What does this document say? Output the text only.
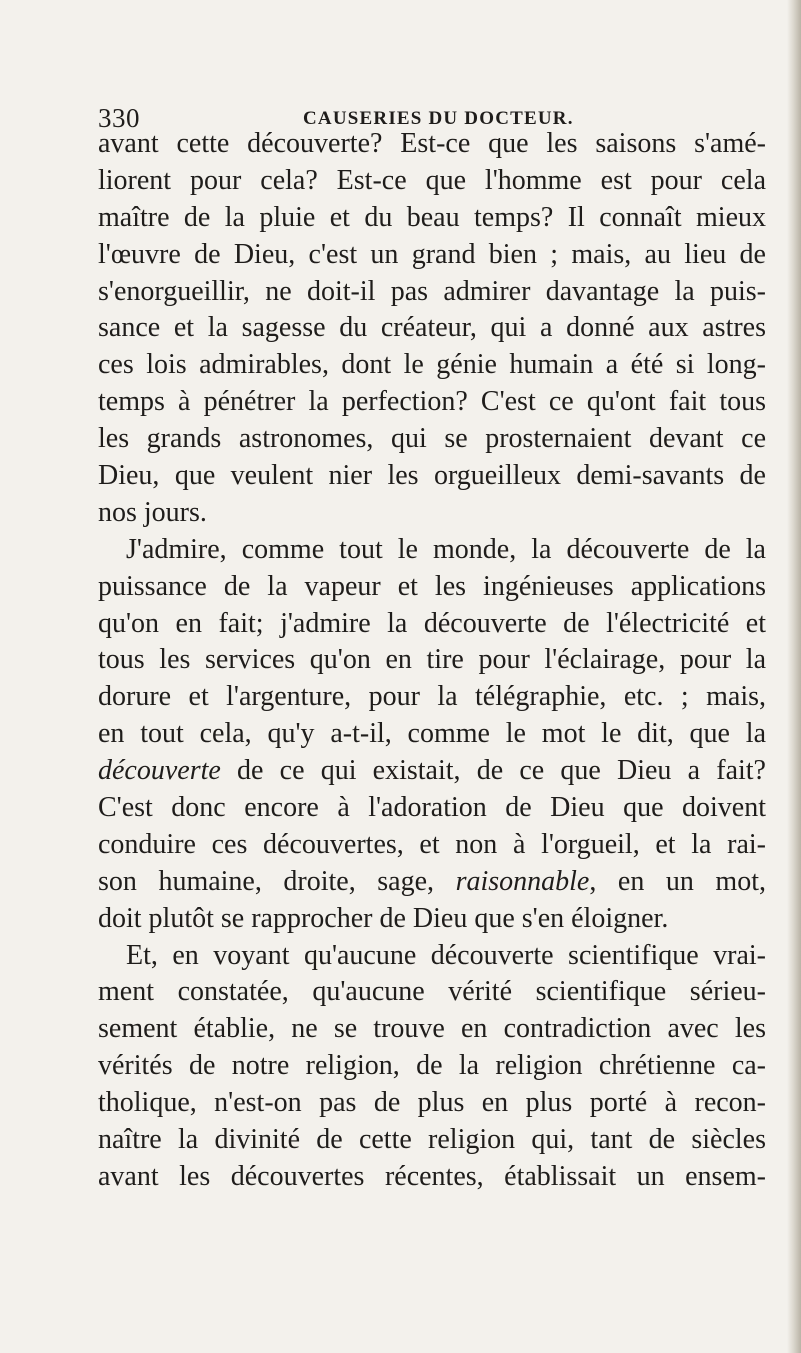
330	CAUSERIES DU DOCTEUR.
avant cette découverte? Est-ce que les saisons s'amé-
liorent pour cela? Est-ce que l'homme est pour cela
maître de la pluie et du beau temps? Il connaît mieux
l'œuvre de Dieu, c'est un grand bien ; mais, au lieu de
s'enorgueillir, ne doit-il pas admirer davantage la puis-
sance et la sagesse du créateur, qui a donné aux astres
ces lois admirables, dont le génie humain a été si long-
temps à pénétrer la perfection? C'est ce qu'ont fait tous
les grands astronomes, qui se prosternaient devant ce
Dieu, que veulent nier les orgueilleux demi-savants de
nos jours.
J'admire, comme tout le monde, la découverte de la
puissance de la vapeur et les ingénieuses applications
qu'on en fait; j'admire la découverte de l'électricité et
tous les services qu'on en tire pour l'éclairage, pour la
dorure et l'argenture, pour la télégraphie, etc. ; mais,
en tout cela, qu'y a-t-il, comme le mot le dit, que la
découverte de ce qui existait, de ce que Dieu a fait?
C'est donc encore à l'adoration de Dieu que doivent
conduire ces découvertes, et non à l'orgueil, et la rai-
son humaine, droite, sage, raisonnable, en un mot,
doit plutôt se rapprocher de Dieu que s'en éloigner.
Et, en voyant qu'aucune découverte scientifique vrai-
ment constatée, qu'aucune vérité scientifique sérieu-
sement établie, ne se trouve en contradiction avec les
vérités de notre religion, de la religion chrétienne ca-
tholique, n'est-on pas de plus en plus porté à recon-
naître la divinité de cette religion qui, tant de siècles
avant les découvertes récentes, établissait un ensem-
